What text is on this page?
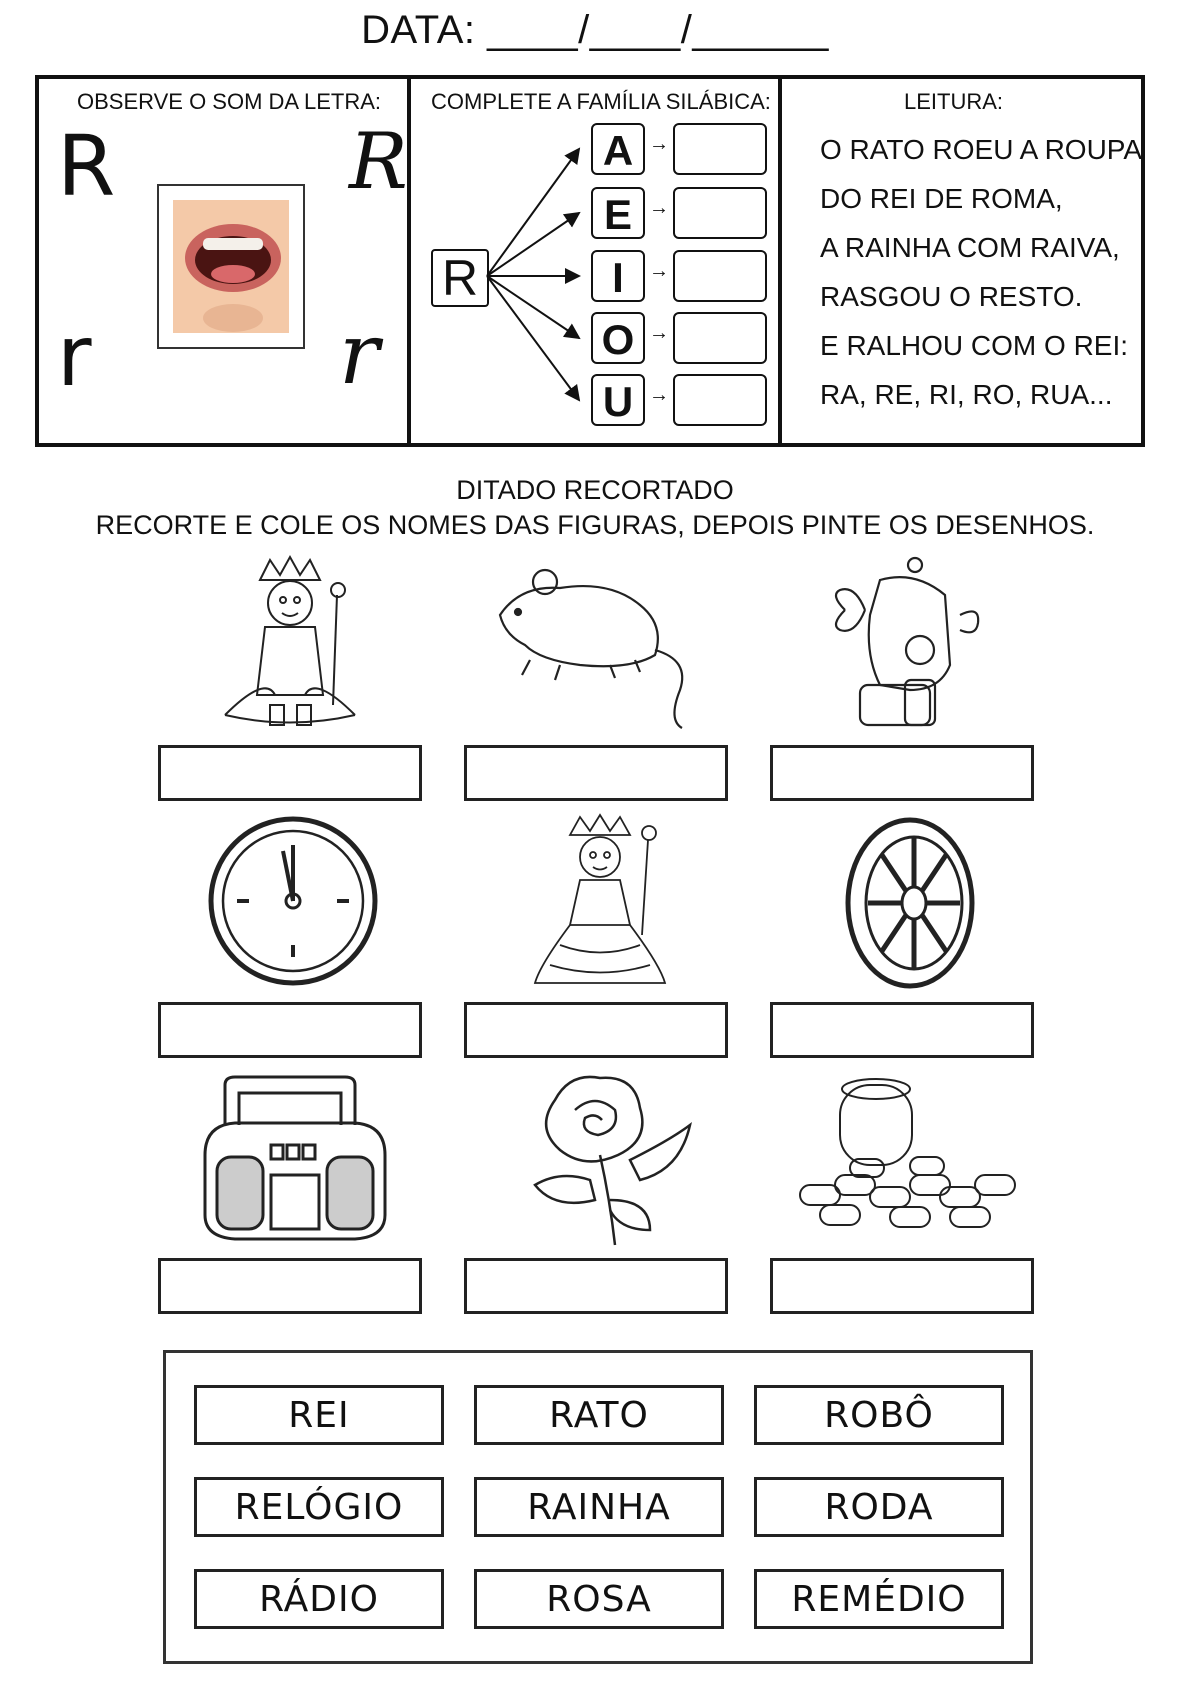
DATA: ____/____/______
OBSERVE O SOM DA LETRA:
R	R
r	r
COMPLETE A FAMÍLIA SILÁBICA:
R
A →
E →
I	→
O →
U →
LEITURA:
O RATO ROEU A ROUPA
DO REI DE ROMA,
A RAINHA COM RAIVA,
RASGOU O RESTO.
E RALHOU COM O REI:
RA, RE, RI, RO, RUA...
DITADO RECORTADO
RECORTE E COLE OS NOMES DAS FIGURAS, DEPOIS PINTE OS DESENHOS.
REI	RATO	ROBÔ
RELÓGIO	RAINHA	RODA
RÁDIO	ROSA	REMÉDIO
